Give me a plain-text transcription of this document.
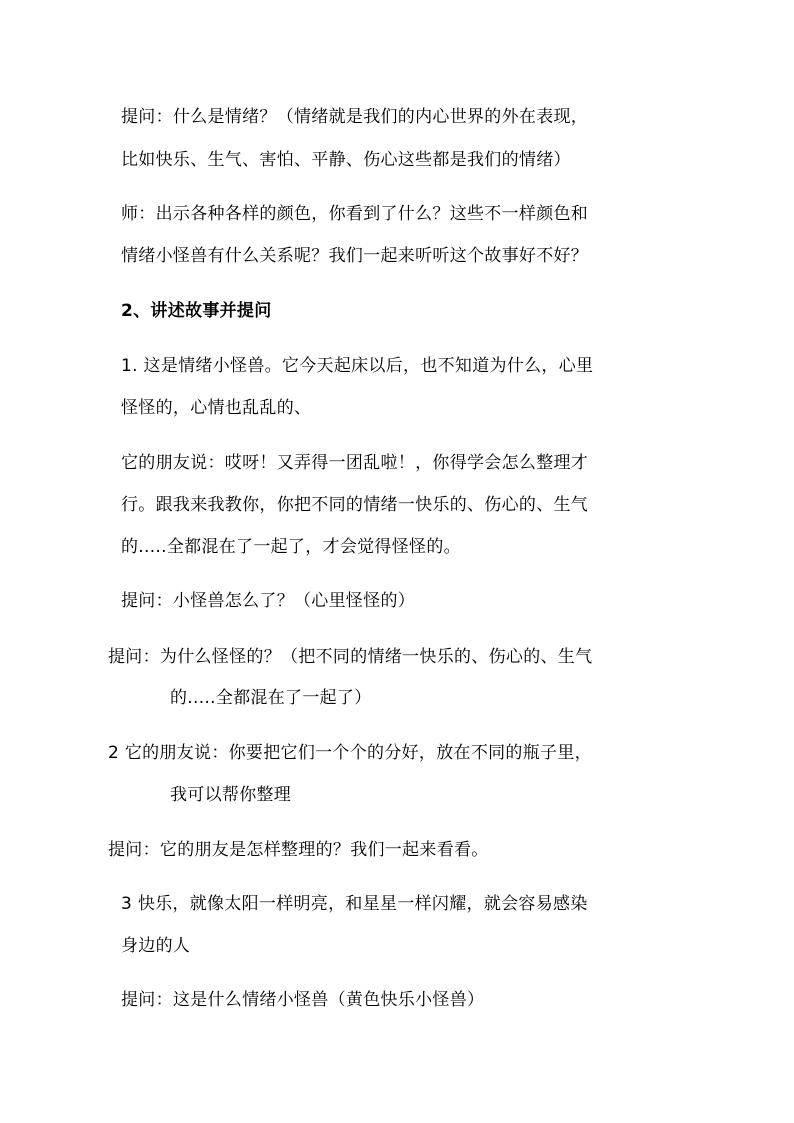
提问：什么是情绪？（情绪就是我们的内心世界的外在表现，
比如快乐、生气、害怕、平静、伤心这些都是我们的情绪）
师：出示各种各样的颜色，你看到了什么？这些不一样颜色和
情绪小怪兽有什么关系呢？我们一起来听听这个故事好不好？
2、讲述故事并提问
1. 这是情绪小怪兽。它今天起床以后，也不知道为什么，心里
怪怪的，心情也乱乱的、
它的朋友说：哎呀！又弄得一团乱啦！，你得学会怎么整理才
行。跟我来我教你，你把不同的情绪一快乐的、伤心的、生气
的.....全都混在了一起了，才会觉得怪怪的。
提问：小怪兽怎么了？（心里怪怪的）
提问：为什么怪怪的？（把不同的情绪一快乐的、伤心的、生气
的.....全都混在了一起了）
2 它的朋友说：你要把它们一个个的分好，放在不同的瓶子里，
我可以帮你整理
提问：它的朋友是怎样整理的？我们一起来看看。
3 快乐，就像太阳一样明亮，和星星一样闪耀，就会容易感染
身边的人
提问：这是什么情绪小怪兽（黄色快乐小怪兽）
